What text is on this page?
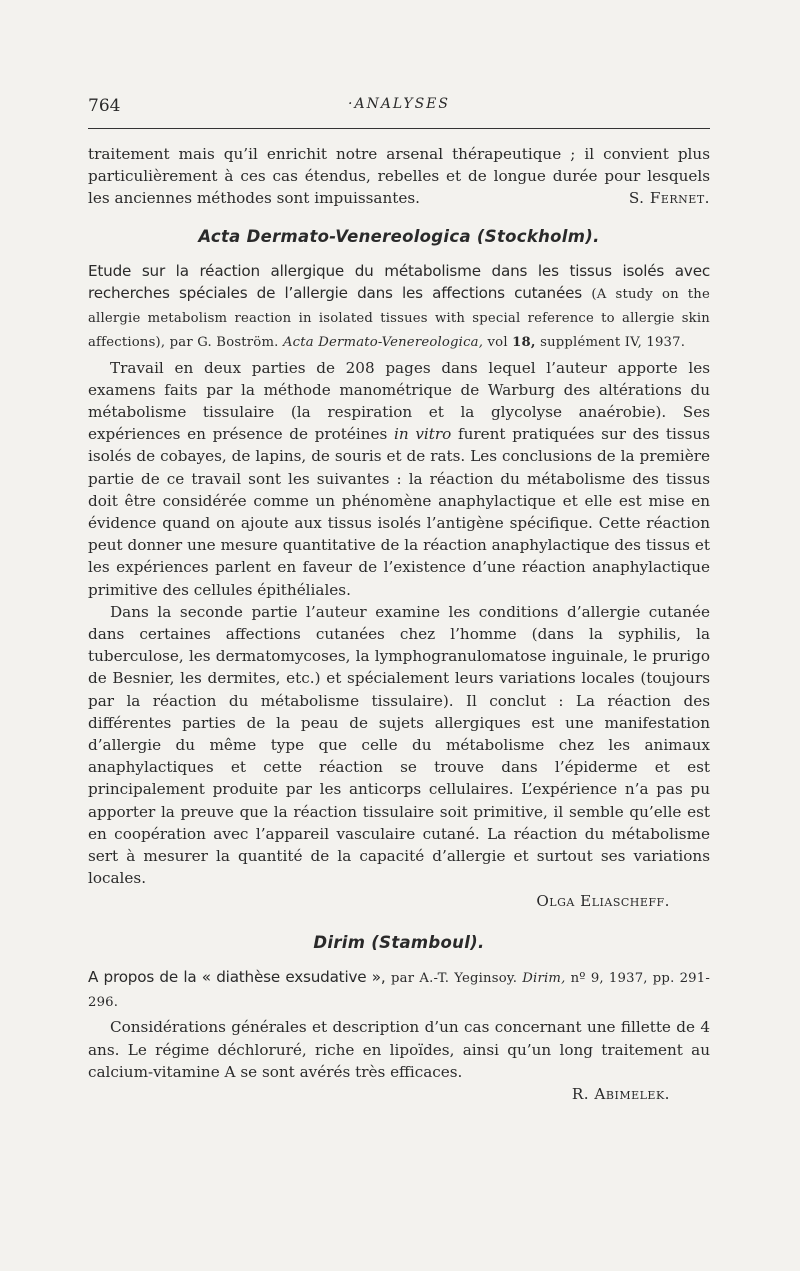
764	·ANALYSES

traitement mais qu’il enrichit notre arsenal thérapeutique ; il convient plus particulièrement à ces cas étendus, rebelles et de longue durée pour lesquels les anciennes méthodes sont impuissantes.	S. Fernet.

Acta Dermato-Venereologica (Stockholm).

Etude sur la réaction allergique du métabolisme dans les tissus isolés avec recherches spéciales de l’allergie dans les affections cutanées (A study on the allergie metabolism reaction in isolated tissues with special reference to allergie skin affections), par G. Boström. Acta Dermato-Venereologica, vol 18, supplément IV, 1937.

Travail en deux parties de 208 pages dans lequel l’auteur apporte les examens faits par la méthode manométrique de Warburg des altérations du métabolisme tissulaire (la respiration et la glycolyse anaérobie). Ses expériences en présence de protéines in vitro furent pratiquées sur des tissus isolés de cobayes, de lapins, de souris et de rats. Les conclusions de la première partie de ce travail sont les suivantes : la réaction du métabolisme des tissus doit être considérée comme un phénomène anaphylactique et elle est mise en évidence quand on ajoute aux tissus isolés l’antigène spécifique. Cette réaction peut donner une mesure quantitative de la réaction anaphylactique des tissus et les expériences parlent en faveur de l’existence d’une réaction anaphylactique primitive des cellules épithéliales.

Dans la seconde partie l’auteur examine les conditions d’allergie cutanée dans certaines affections cutanées chez l’homme (dans la syphilis, la tuberculose, les dermatomycoses, la lymphogranulomatose inguinale, le prurigo de Besnier, les dermites, etc.) et spécialement leurs variations locales (toujours par la réaction du métabolisme tissulaire). Il conclut : La réaction des différentes parties de la peau de sujets allergiques est une manifestation d’allergie du même type que celle du métabolisme chez les animaux anaphylactiques et cette réaction se trouve dans l’épiderme et est principalement produite par les anticorps cellulaires. L’expérience n’a pas pu apporter la preuve que la réaction tissulaire soit primitive, il semble qu’elle est en coopération avec l’appareil vasculaire cutané. La réaction du métabolisme sert à mesurer la quantité de la capacité d’allergie et surtout ses variations locales.

Olga Eliascheff.

Dirim (Stamboul).

A propos de la « diathèse exsudative », par A.-T. Yeginsoy. Dirim, nº 9, 1937, pp. 291-296.

Considérations générales et description d’un cas concernant une fillette de 4 ans. Le régime déchloruré, riche en lipoïdes, ainsi qu’un long traitement au calcium-vitamine A se sont avérés très efficaces.

R. Abimelek.
